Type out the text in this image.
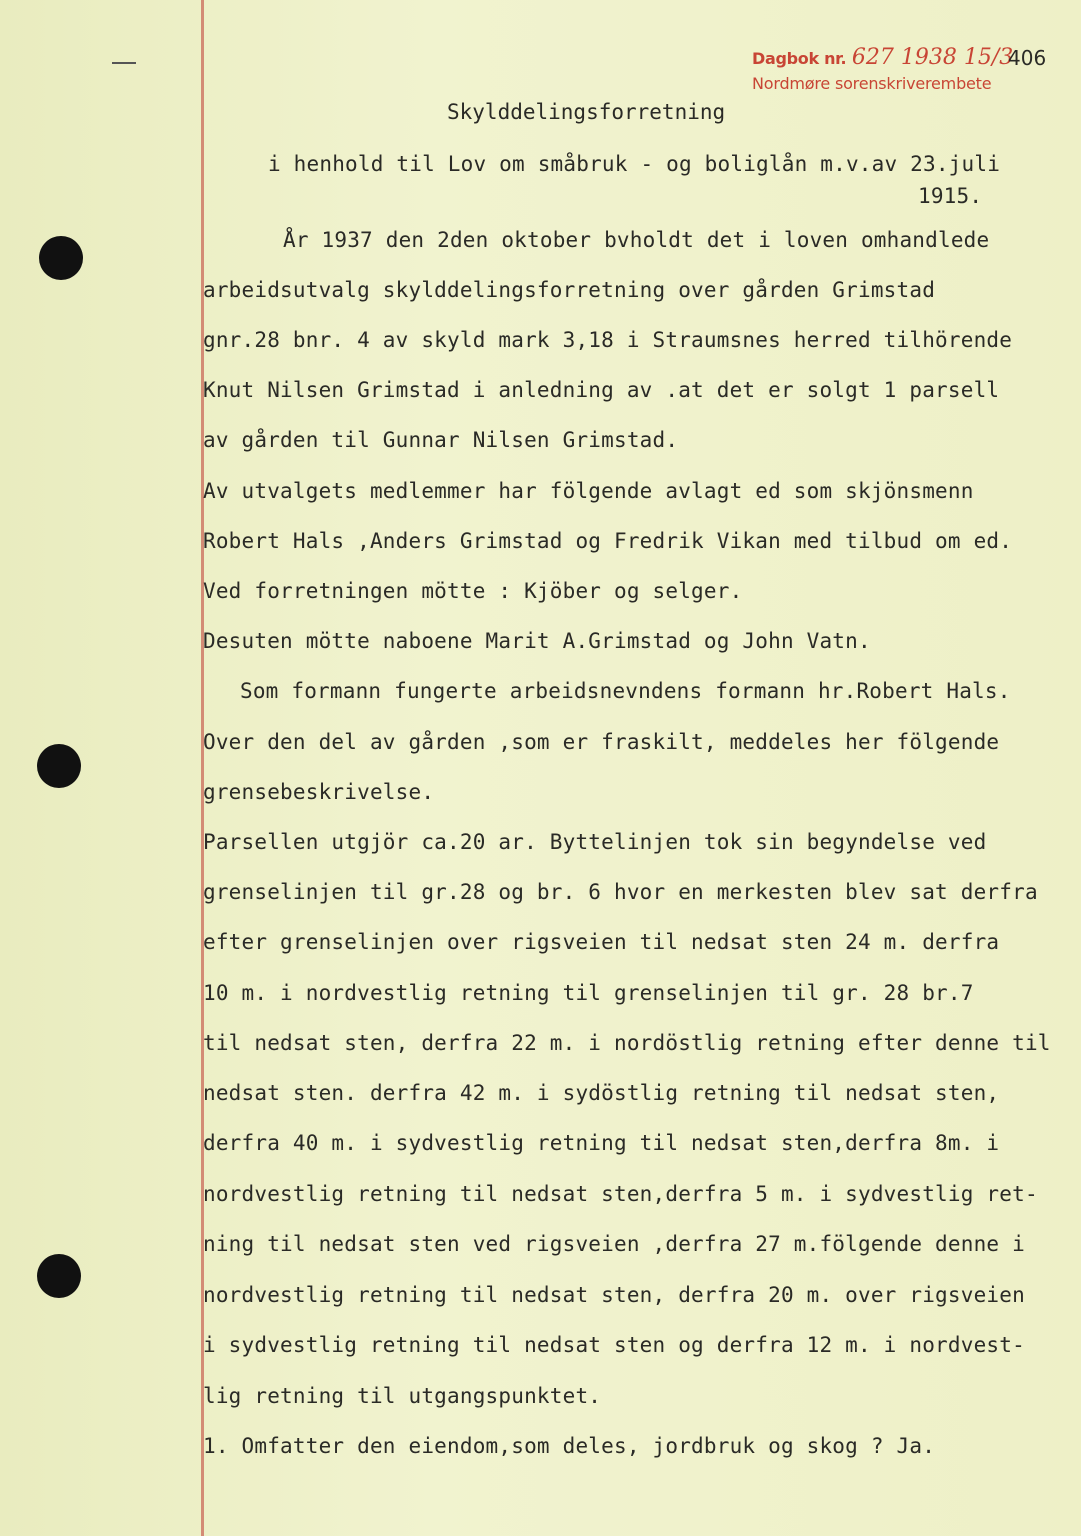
Dagbok nr. 627 1938 15/3
Nordmøre sorenskriverembete
406
Skylddelingsforretning
i henhold til Lov om småbruk - og boliglån m.v.av 23.juli
1915.
År 1937 den 2den oktober bvholdt det i loven omhandlede
arbeidsutvalg skylddelingsforretning over gården Grimstad
gnr.28 bnr. 4 av skyld mark 3,18 i Straumsnes herred tilhörende
Knut Nilsen Grimstad i anledning av .at det er solgt 1 parsell
av gården til Gunnar Nilsen Grimstad.
Av utvalgets medlemmer har fölgende avlagt ed som skjönsmenn
Robert Hals ,Anders Grimstad og Fredrik Vikan med tilbud om ed.
Ved forretningen mötte : Kjöber og selger.
Desuten mötte naboene Marit A.Grimstad og John Vatn.
Som formann fungerte arbeidsnevndens formann hr.Robert Hals.
Over den del av gården ,som er fraskilt, meddeles her fölgende
grensebeskrivelse.
Parsellen utgjör ca.20 ar. Byttelinjen tok sin begyndelse ved
grenselinjen til gr.28 og br. 6 hvor en merkesten blev sat derfra
efter grenselinjen over rigsveien til nedsat sten 24 m. derfra
10 m. i nordvestlig retning til grenselinjen til gr. 28 br.7
til nedsat sten, derfra 22 m. i nordöstlig retning efter denne til
nedsat sten. derfra 42 m. i sydöstlig retning til nedsat sten,
derfra 40 m. i sydvestlig retning til nedsat sten,derfra 8m. i
nordvestlig retning til nedsat sten,derfra 5 m. i sydvestlig ret-
ning til nedsat sten ved rigsveien ,derfra 27 m.fölgende denne i
nordvestlig retning til nedsat sten, derfra 20 m. over rigsveien
i sydvestlig retning til nedsat sten og derfra 12 m. i nordvest-
lig retning til utgangspunktet.
1. Omfatter den eiendom,som deles, jordbruk og skog ? Ja.
